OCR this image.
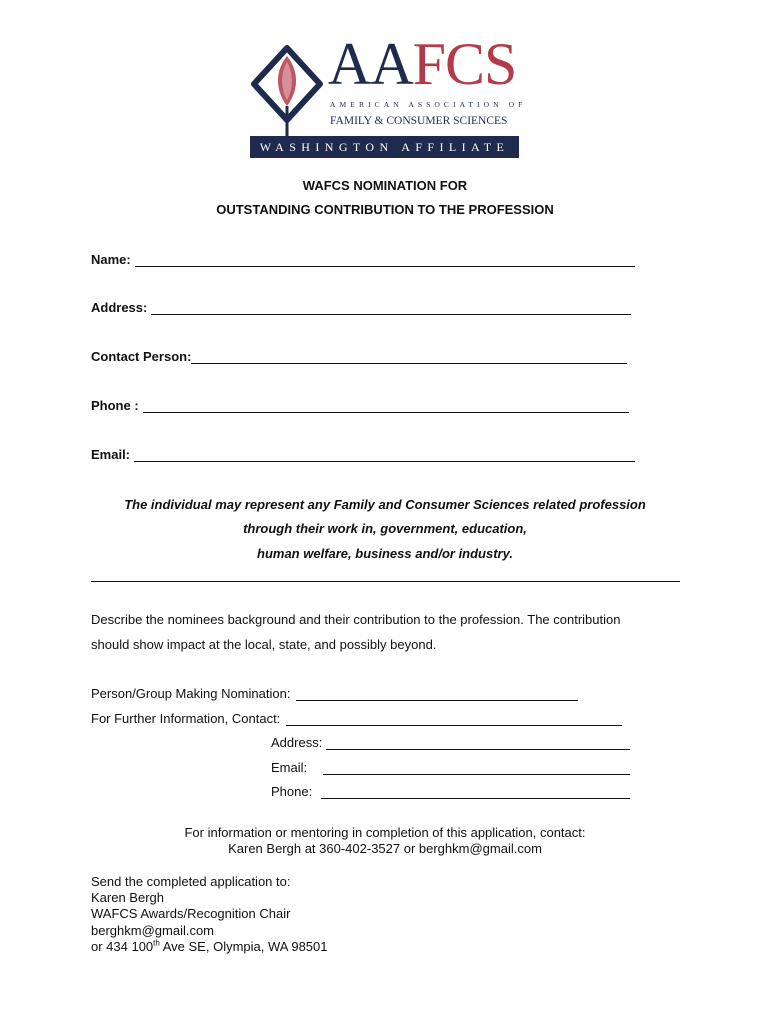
AAFCS
AMERICAN ASSOCIATION OF
FAMILY & CONSUMER SCIENCES
WASHINGTON AFFILIATE
WAFCS NOMINATION FOR
OUTSTANDING CONTRIBUTION TO THE PROFESSION
Name:
Address:
Contact Person:
Phone :
Email:
The individual may represent any Family and Consumer Sciences related profession
through their work in, government, education,
human welfare, business and/or industry.
Describe the nominees background and their contribution to the profession. The contribution
should show impact at the local, state, and possibly beyond.
Person/Group Making Nomination:
For Further Information, Contact:
Address:
Email:
Phone:
For information or mentoring in completion of this application, contact:
Karen Bergh at 360-402-3527 or berghkm@gmail.com
Send the completed application to:
Karen Bergh
WAFCS Awards/Recognition Chair
berghkm@gmail.com
or 434 100th Ave SE, Olympia, WA 98501
